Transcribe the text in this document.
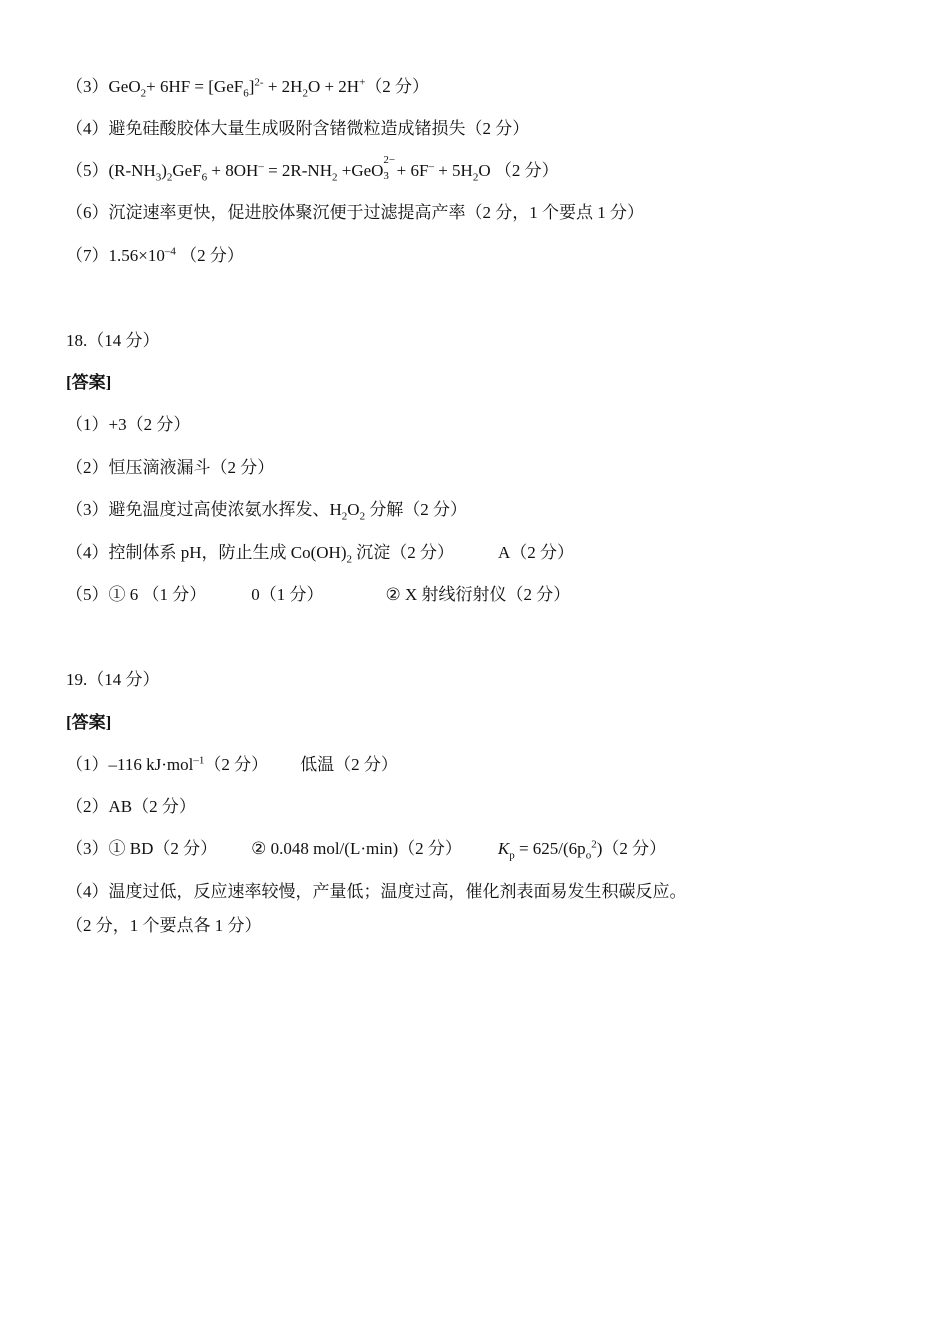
$(3)GeO_2+ 6HF = [GeF_6]^{2-} + 2H_2O + 2H^+(2$ 分）
（4）避免硅酸胶体大量生成吸附含锗微粒造成锗损失（2 分）
$(5)(R-NH_3)_2GeF_6 + 8OH^- = 2R-NH_2 +GeO$
2−
$3 + 6F^- + 5H_2O$ （2 分）
（6）沉淀速率更快，促进胶体聚沉便于过滤提高产率（2 分，1 个要点 1 分）
$(7)1.56\times 10^{-4}$ （2 分）
18.（14 分）
[答案]
（1）+3（2 分）
（2）恒压滴液漏斗（2 分）
（3）避免温度过高使浓氨水挥发、$H_2O_2$ 分解（2 分）
（4）控制体系 pH，防止生成 $Co(OH)_2$ 沉淀（2 分）	A（2 分）
（5）① 6 （1 分）	0（1 分）	② X 射线衍射仪（2 分）
19.（14 分）
[答案]
（1）–116 kJ·mol$^{-1}$（2 分） 低温（2 分）
（2）AB（2 分）
（3）① BD（2 分） ② 0.048 mol/(L·min)（2 分） $K_p = 625/(6p_o^2)(2$ 分）
（4）温度过低，反应速率较慢，产量低；温度过高，催化剂表面易发生积碳反应。
（2 分，1 个要点各 1 分）
